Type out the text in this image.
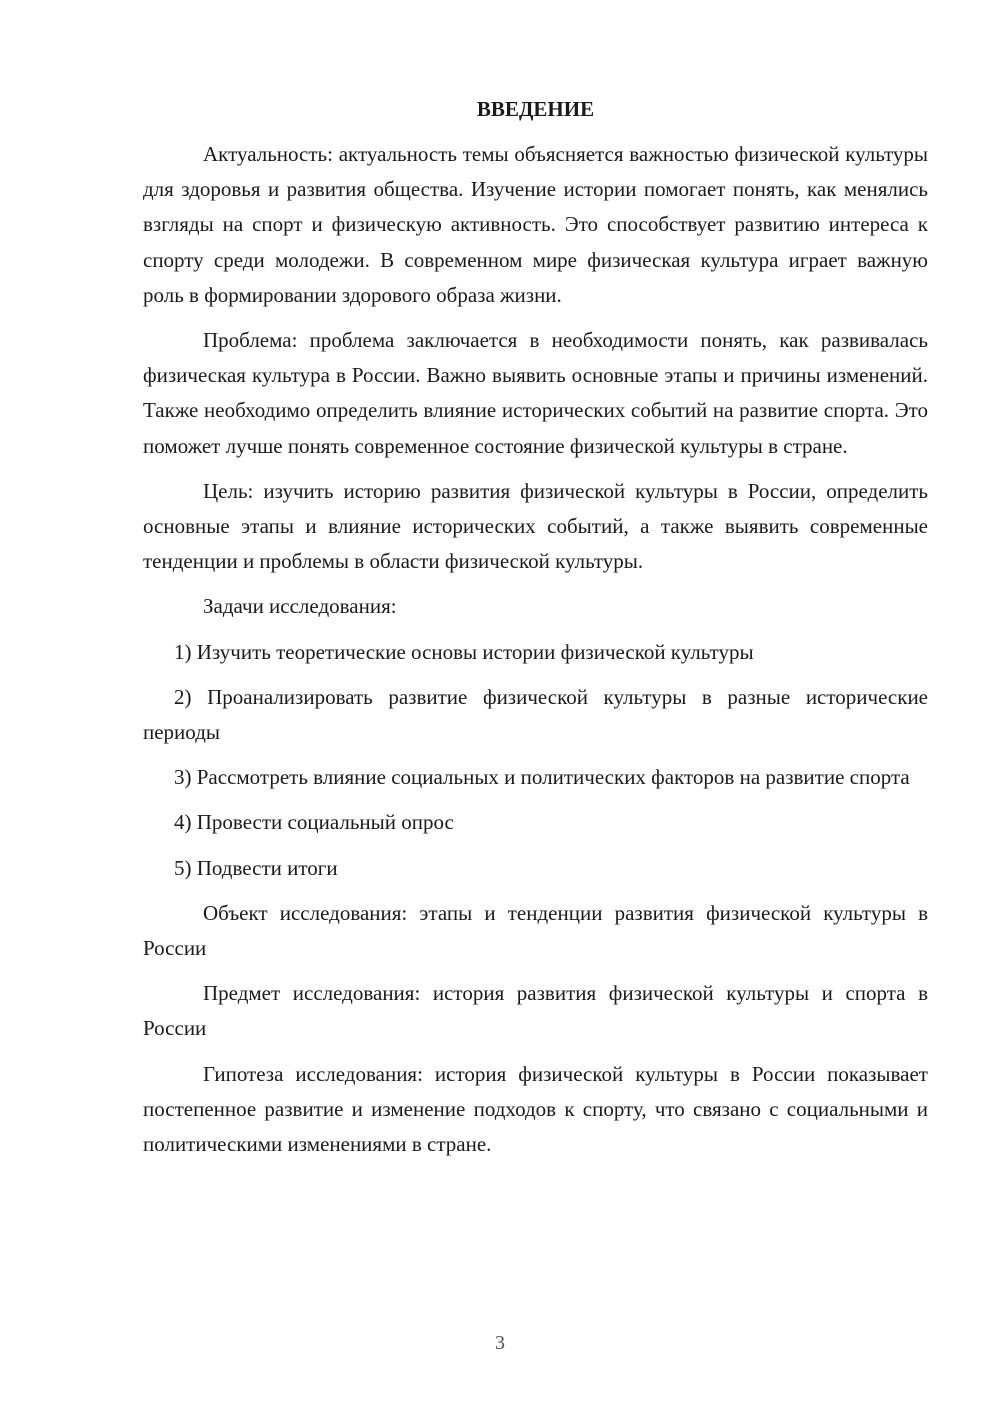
ВВЕДЕНИЕ

Актуальность: актуальность темы объясняется важностью физической культуры для здоровья и развития общества. Изучение истории помогает понять, как менялись взгляды на спорт и физическую активность. Это способствует развитию интереса к спорту среди молодежи. В современном мире физическая культура играет важную роль в формировании здорового образа жизни.

Проблема: проблема заключается в необходимости понять, как развивалась физическая культура в России. Важно выявить основные этапы и причины изменений. Также необходимо определить влияние исторических событий на развитие спорта. Это поможет лучше понять современное состояние физической культуры в стране.

Цель: изучить историю развития физической культуры в России, определить основные этапы и влияние исторических событий, а также выявить современные тенденции и проблемы в области физической культуры.

Задачи исследования:

1) Изучить теоретические основы истории физической культуры

2) Проанализировать развитие физической культуры в разные исторические периоды

3) Рассмотреть влияние социальных и политических факторов на развитие спорта

4) Провести социальный опрос

5) Подвести итоги

Объект исследования: этапы и тенденции развития физической культуры в России

Предмет исследования: история развития физической культуры и спорта в России

Гипотеза исследования: история физической культуры в России показывает постепенное развитие и изменение подходов к спорту, что связано с социальными и политическими изменениями в стране.

3
